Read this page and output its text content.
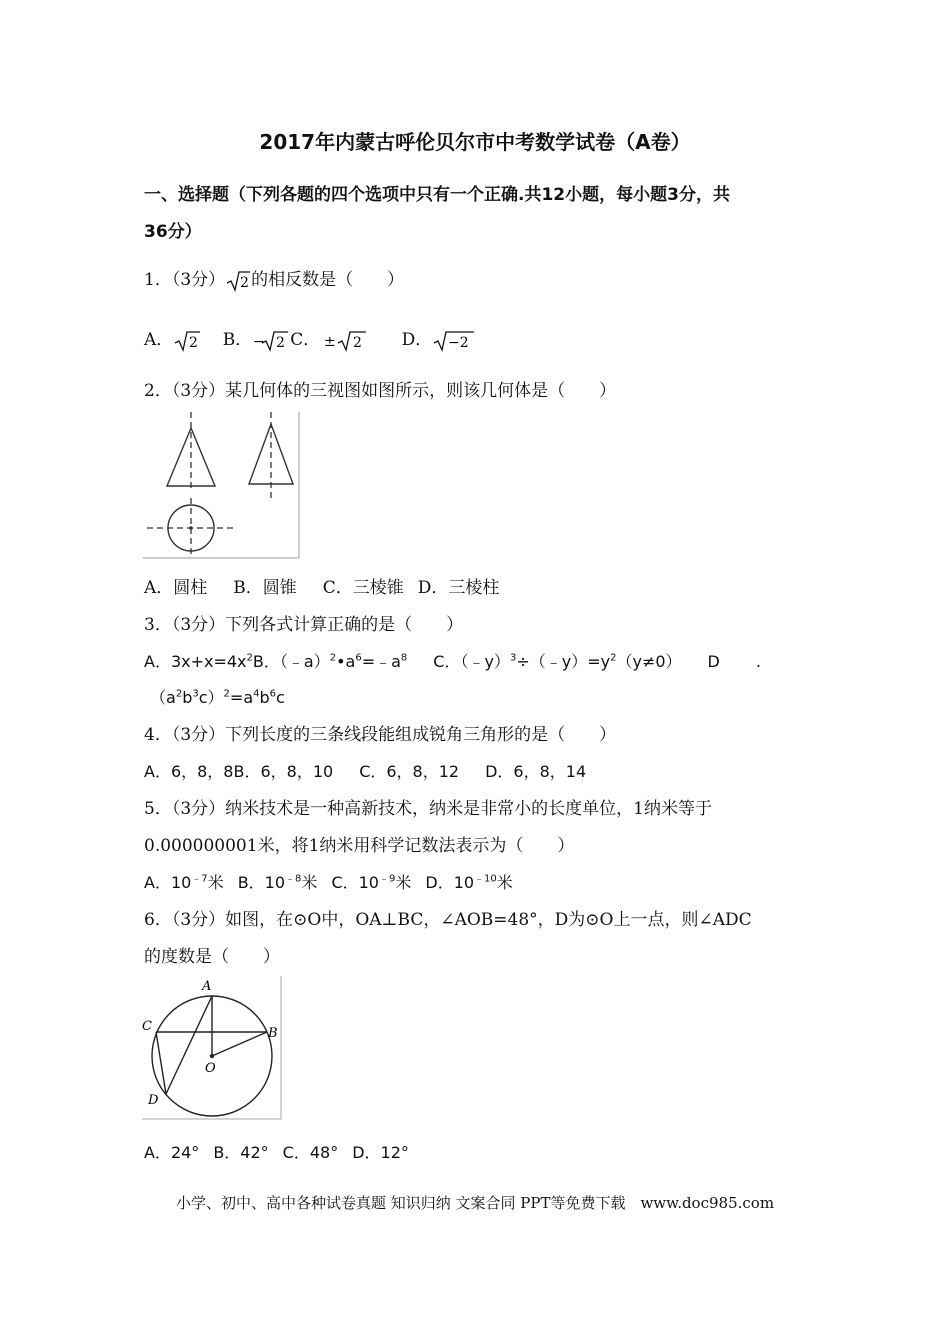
2017年内蒙古呼伦贝尔市中考数学试卷（A卷）
一、选择题（下列各题的四个选项中只有一个正确.共12小题，每小题3分，共
36分）
1．（3分） 2 的相反数是（　　）
A． 2 B． − 2 C． ± 2 D． −2
2．（3分）某几何体的三视图如图所示，则该几何体是（　　）
A．圆柱 B．圆锥 C．三棱锥 D．三棱柱
3．（3分）下列各式计算正确的是（　　）
A．$3x+x=4x^2B$．$(﹣a)^2•a^6=﹣a^8$ C．$(﹣y)^3\div(﹣y)=y^2(y\ne 0)$ D .
$(a^2b^3c)^2=a^4b^6c$
4．（3分）下列长度的三条线段能组成锐角三角形的是（　　）
A．6，8，8B．6，8，10 C．6，8，12 D．6，8，14
5．（3分）纳米技术是一种高新技术，纳米是非常小的长度单位，1纳米等于
0.000000001米，将1纳米用科学记数法表示为（　　）
A．$10^{﹣7}$米 B．$10^{﹣8}$米 C．$10^{﹣9}$米 D．$10^{﹣10}$米
6．（3分）如图，在⊙O中，OA⊥BC，∠AOB=48°，D为⊙O上一点，则∠ADC
的度数是（　　）
A
B
C
D
O
A．24° B．42° C．48° D．12°
小学、初中、高中各种试卷真题 知识归纳 文案合同 PPT等免费下载　www.doc985.com
